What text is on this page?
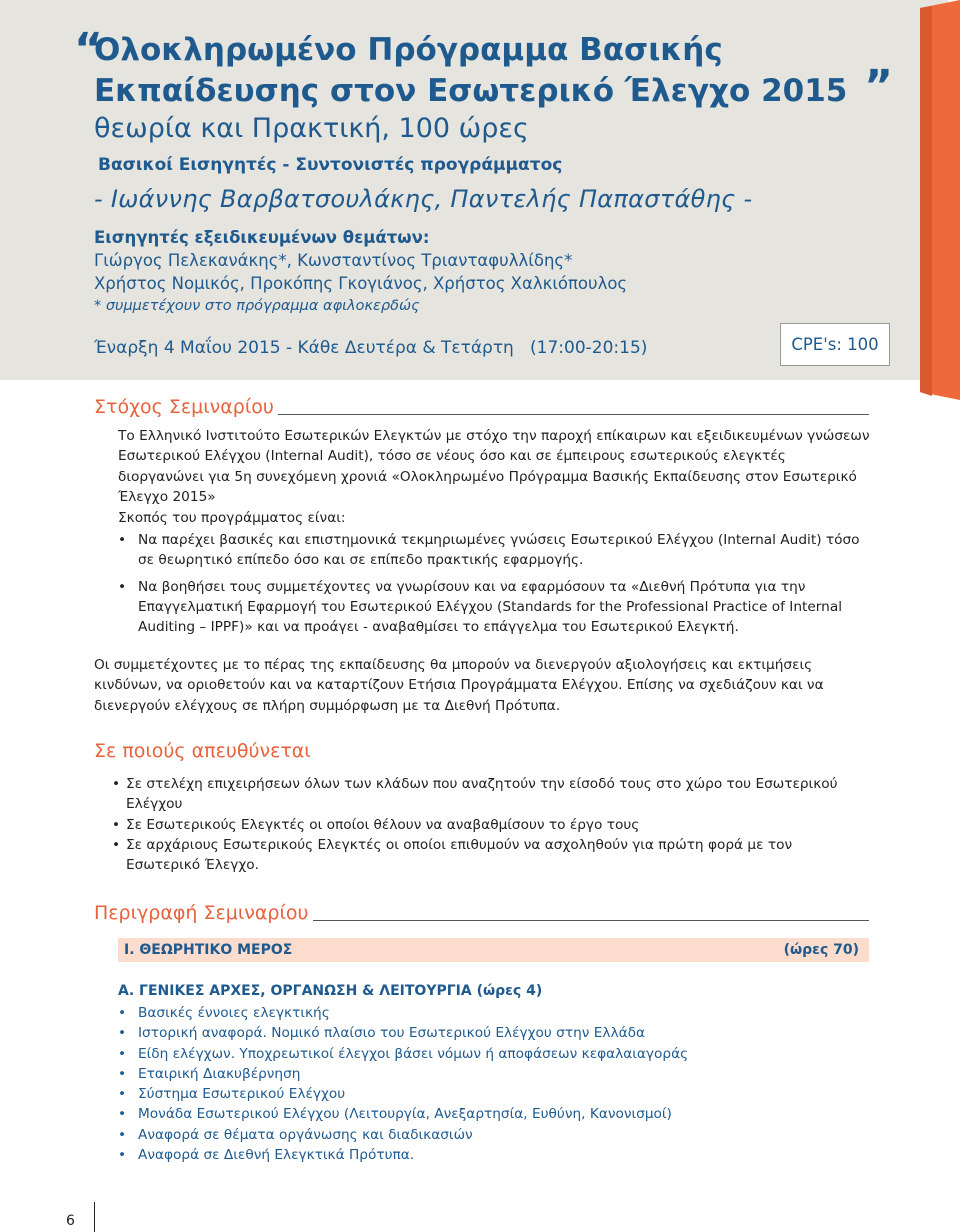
“
Ολοκληρωμένο Πρόγραμμα Βασικής
Εκπαίδευσης στον Εσωτερικό Έλεγχο 2015 ”
θεωρία και Πρακτική, 100 ώρες
Βασικοί Εισηγητές - Συντονιστές προγράμματος
- Ιωάννης Βαρβατσουλάκης, Παντελής Παπαστάθης -
Εισηγητές εξειδικευμένων θεμάτων:
Γιώργος Πελεκανάκης*, Κωνσταντίνος Τριανταφυλλίδης*
Χρήστος Νομικός, Προκόπης Γκογιάνος, Χρήστος Χαλκιόπουλος
* συμμετέχουν στο πρόγραμμα αφιλοκερδώς
Έναρξη 4 Μαΐου 2015 - Κάθε Δευτέρα & Τετάρτη   (17:00-20:15)	CPE's: 100
Στόχος Σεμιναρίου

Το Ελληνικό Ινστιτούτο Εσωτερικών Ελεγκτών με στόχο την παροχή επίκαιρων και εξειδικευμένων γνώσεων Εσωτερικού Ελέγχου (Internal Audit), τόσο σε νέους όσο και σε έμπειρους εσωτερικούς ελεγκτές διοργανώνει για 5η συνεχόμενη χρονιά «Ολοκληρωμένο Πρόγραμμα Βασικής Εκπαίδευσης στον Εσωτερικό Έλεγχο 2015»

Σκοπός του προγράμματος είναι:

• Να παρέχει βασικές και επιστημονικά τεκμηριωμένες γνώσεις Εσωτερικού Ελέγχου (Internal Audit) τόσο σε θεωρητικό επίπεδο όσο και σε επίπεδο πρακτικής εφαρμογής.
• Να βοηθήσει τους συμμετέχοντες να γνωρίσουν και να εφαρμόσουν τα «Διεθνή Πρότυπα για την Επαγγελματική Εφαρμογή του Εσωτερικού Ελέγχου (Standards for the Professional Practice of Internal Auditing – IPPF)» και να προάγει - αναβαθμίσει το επάγγελμα του Εσωτερικού Ελεγκτή.

Οι συμμετέχοντες με το πέρας της εκπαίδευσης θα μπορούν να διενεργούν αξιολογήσεις και εκτιμήσεις κινδύνων, να οριοθετούν και να καταρτίζουν Ετήσια Προγράμματα Ελέγχου. Επίσης να σχεδιάζουν και να διενεργούν ελέγχους σε πλήρη συμμόρφωση με τα Διεθνή Πρότυπα.

Σε ποιούς απευθύνεται
• Σε στελέχη επιχειρήσεων όλων των κλάδων που αναζητούν την είσοδό τους στο χώρο του Εσωτερικού Ελέγχου
• Σε Εσωτερικούς Ελεγκτές οι οποίοι θέλουν να αναβαθμίσουν το έργο τους
• Σε αρχάριους Εσωτερικούς Ελεγκτές οι οποίοι επιθυμούν να ασχοληθούν για πρώτη φορά με τον Εσωτερικό Έλεγχο.
Περιγραφή Σεμιναρίου
I. ΘΕΩΡΗΤΙΚΟ ΜΕΡΟΣ	(ώρες 70)
Α. ΓΕΝΙΚΕΣ ΑΡΧΕΣ, ΟΡΓΑΝΩΣΗ & ΛΕΙΤΟΥΡΓΙΑ (ώρες 4)
• Βασικές έννοιες ελεγκτικής
• Ιστορική αναφορά. Νομικό πλαίσιο του Εσωτερικού Ελέγχου στην Ελλάδα
• Είδη ελέγχων. Υποχρεωτικοί έλεγχοι βάσει νόμων ή αποφάσεων κεφαλαιαγοράς
• Εταιρική Διακυβέρνηση
• Σύστημα Εσωτερικού Ελέγχου
• Μονάδα Εσωτερικού Ελέγχου (Λειτουργία, Ανεξαρτησία, Ευθύνη, Κανονισμοί)
• Αναφορά σε θέματα οργάνωσης και διαδικασιών
• Αναφορά σε Διεθνή Ελεγκτικά Πρότυπα.
6
